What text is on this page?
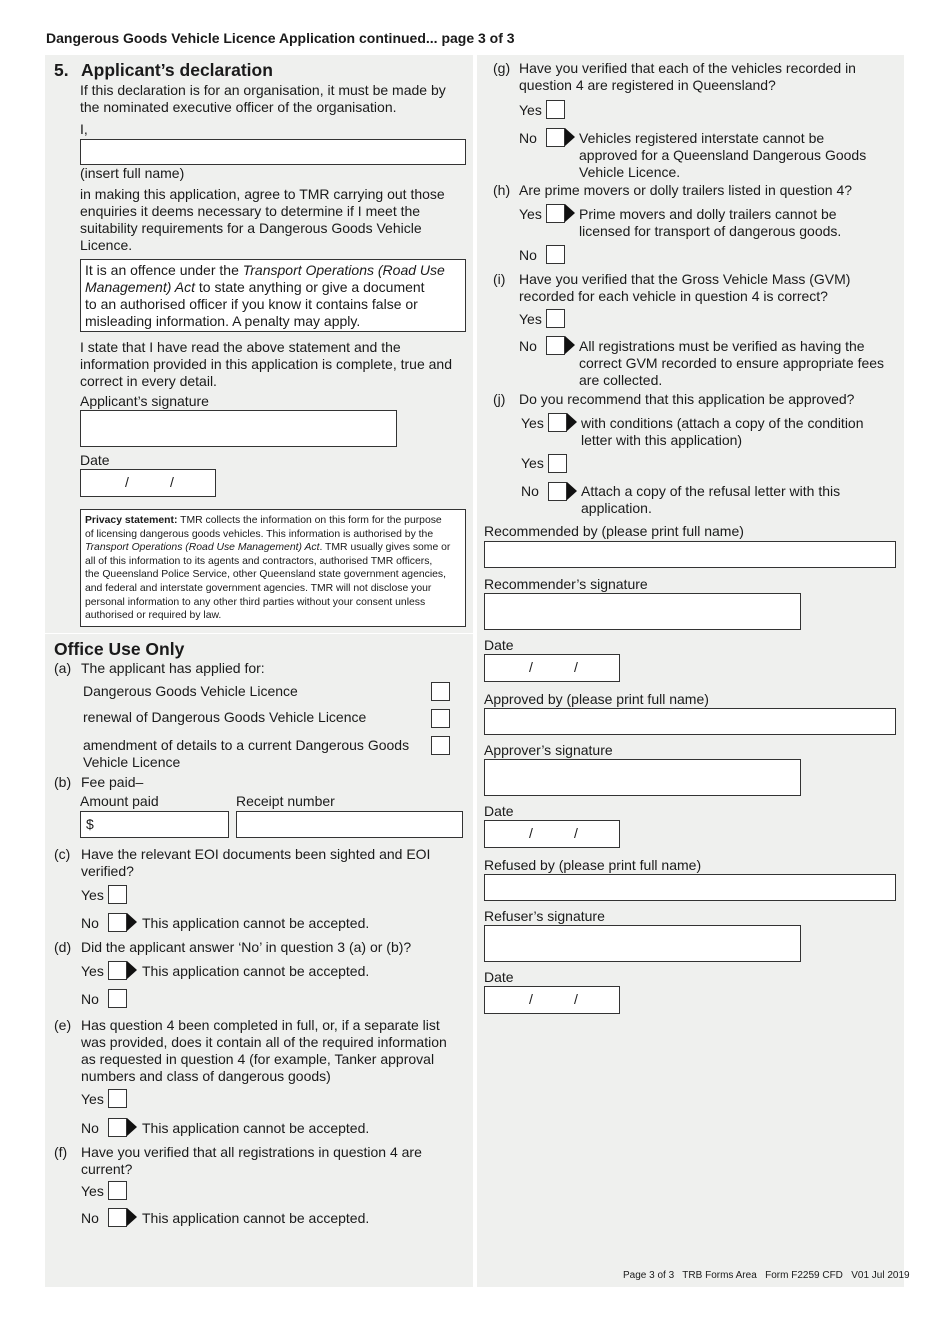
Dangerous Goods Vehicle Licence Application continued... page 3 of 3
5. Applicant’s declaration
If this declaration is for an organisation, it must be made by
the nominated executive officer of the organisation.
I,
(insert full name)
in making this application, agree to TMR carrying out those
enquiries it deems necessary to determine if I meet the
suitability requirements for a Dangerous Goods Vehicle
Licence.
It is an offence under the Transport Operations (Road Use
Management) Act to state anything or give a document
to an authorised officer if you know it contains false or
misleading information. A penalty may apply.
I state that I have read the above statement and the
information provided in this application is complete, true and
correct in every detail.
Applicant’s signature
Date
/	/
Privacy statement: TMR collects the information on this form for the purpose
of licensing dangerous goods vehicles. This information is authorised by the
Transport Operations (Road Use Management) Act. TMR usually gives some or
all of this information to its agents and contractors, authorised TMR officers,
the Queensland Police Service, other Queensland state government agencies,
and federal and interstate government agencies. TMR will not disclose your
personal information to any other third parties without your consent unless
authorised or required by law.
Office Use Only
(a) The applicant has applied for:
Dangerous Goods Vehicle Licence
renewal of Dangerous Goods Vehicle Licence
amendment of details to a current Dangerous Goods
Vehicle Licence
(b) Fee paid–
Amount paid	Receipt number
$
(c) Have the relevant EOI documents been sighted and EOI
verified?
Yes
No	This application cannot be accepted.
(d) Did the applicant answer ‘No’ in question 3 (a) or (b)?
Yes	This application cannot be accepted.
No
(e) Has question 4 been completed in full, or, if a separate list
was provided, does it contain all of the required information
as requested in question 4 (for example, Tanker approval
numbers and class of dangerous goods)
Yes
No	This application cannot be accepted.
(f) Have you verified that all registrations in question 4 are
current?
Yes
No	This application cannot be accepted.
(g) Have you verified that each of the vehicles recorded in
question 4 are registered in Queensland?
Yes
No	Vehicles registered interstate cannot be
approved for a Queensland Dangerous Goods
Vehicle Licence.
(h) Are prime movers or dolly trailers listed in question 4?
Yes	Prime movers and dolly trailers cannot be
licensed for transport of dangerous goods.
No
(i) Have you verified that the Gross Vehicle Mass (GVM)
recorded for each vehicle in question 4 is correct?
Yes
No	All registrations must be verified as having the
correct GVM recorded to ensure appropriate fees
are collected.
(j) Do you recommend that this application be approved?
Yes	with conditions (attach a copy of the condition
letter with this application)
Yes
No	Attach a copy of the refusal letter with this
application.
Recommended by (please print full name)
Recommender’s signature
Date
/	/
Approved by (please print full name)
Approver’s signature
Date
/	/
Refused by (please print full name)
Refuser’s signature
Date
/	/
Page 3 of 3   TRB Forms Area   Form F2259 CFD   V01 Jul 2019
